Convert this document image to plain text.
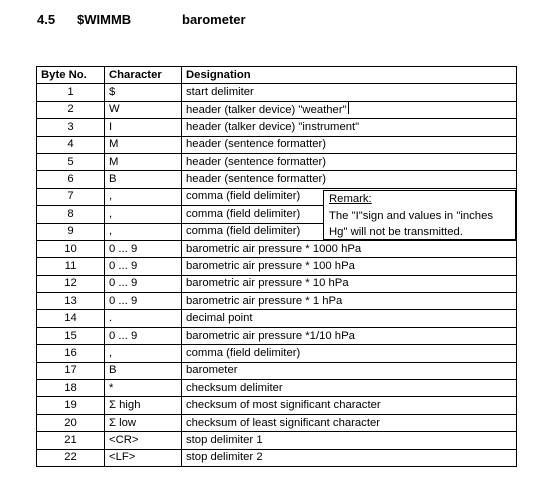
4.5 $WIMMB	barometer
Byte No.	Character	Designation
1	$	start delimiter
2	W	header (talker device) "weather"
3	I	header (talker device) "instrument"
4	M	header (sentence formatter)
5	M	header (sentence formatter)
6	B	header (sentence formatter)
7	,	comma (field delimiter)
8	,	comma (field delimiter)
9	,	comma (field delimiter)
10	0 ... 9	barometric air pressure * 1000 hPa
11	0 ... 9	barometric air pressure * 100 hPa
12	0 ... 9	barometric air pressure * 10 hPa
13	0 ... 9	barometric air pressure * 1 hPa
14	.	decimal point
15	0 ... 9	barometric air pressure *1/10 hPa
16	,	comma (field delimiter)
17	B	barometer
18	*	checksum delimiter
19	Σ high	checksum of most significant character
20	Σ low	checksum of least significant character
21	<CR>	stop delimiter 1
22	<LF>	stop delimiter 2
Remark:
The "I"sign and values in "inches
Hg" will not be transmitted.
